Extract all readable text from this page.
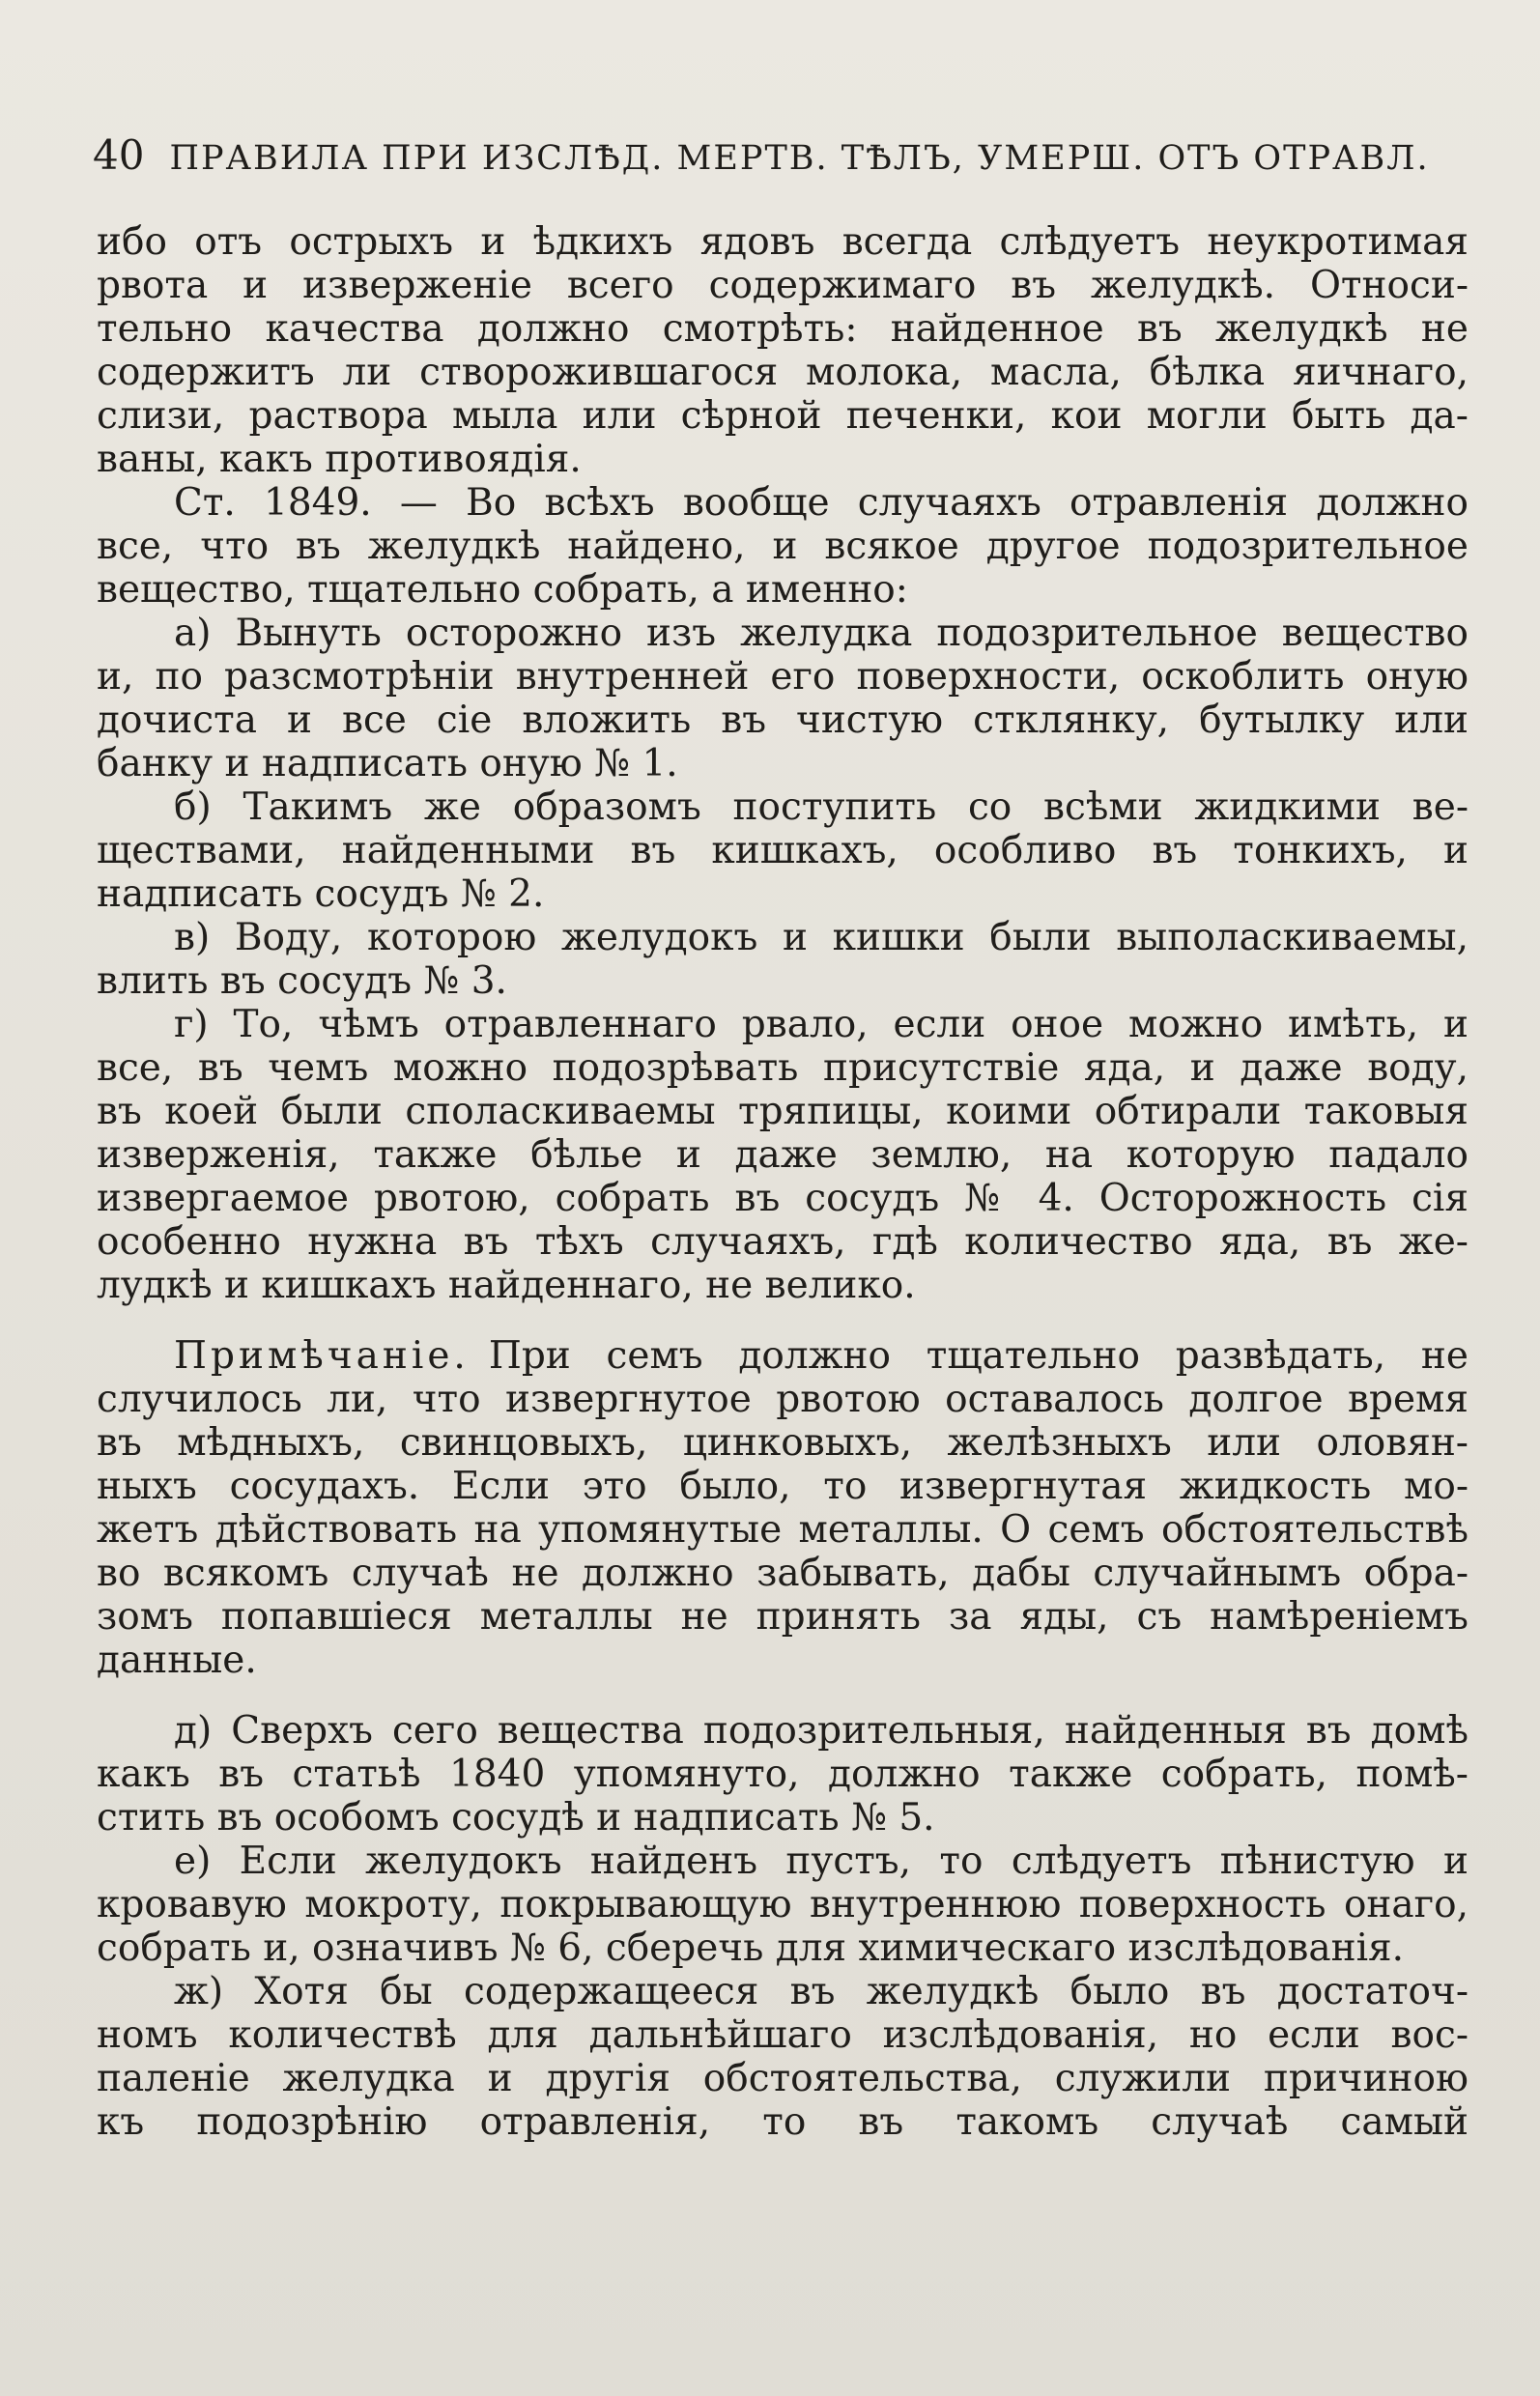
40 ПРАВИЛА ПРИ ИЗСЛѢД. МЕРТВ. ТѢЛЪ, УМЕРШ. ОТЪ ОТРАВЛ.

ибо отъ острыхъ и ѣдкихъ ядовъ всегда слѣдуетъ неукротимая

рвота и изверженіе всего содержимаго въ желудкѣ. Относи-

тельно качества должно смотрѣть: найденное въ желудкѣ не

содержитъ ли створожившагося молока, масла, бѣлка яичнаго,

слизи, раствора мыла или сѣрной печенки, кои могли быть да-

ваны, какъ противоядія.

Ст. 1849. — Во всѣхъ вообще случаяхъ отравленія должно

все, что въ желудкѣ найдено, и всякое другое подозрительное

вещество, тщательно собрать, а именно:

а) Вынуть осторожно изъ желудка подозрительное вещество

и, по разсмотрѣніи внутренней его поверхности, оскоблить оную

дочиста и все сіе вложить въ чистую стклянку, бутылку или

банку и надписать оную № 1.

б) Такимъ же образомъ поступить со всѣми жидкими ве-

ществами, найденными въ кишкахъ, особливо въ тонкихъ, и

надписать сосудъ № 2.

в) Воду, которою желудокъ и кишки были выполаскиваемы,

влить въ сосудъ № 3.

г) То, чѣмъ отравленнаго рвало, если оное можно имѣть, и

все, въ чемъ можно подозрѣвать присутствіе яда, и даже воду,

въ коей были споласкиваемы тряпицы, коими обтирали таковыя

изверженія, также бѣлье и даже землю, на которую падало

извергаемое рвотою, собрать въ сосудъ № 4. Осторожность сія

особенно нужна въ тѣхъ случаяхъ, гдѣ количество яда, въ же-

лудкѣ и кишкахъ найденнаго, не велико.

Примѣчаніе. При семъ должно тщательно развѣдать, не

случилось ли, что извергнутое рвотою оставалось долгое время

въ мѣдныхъ, свинцовыхъ, цинковыхъ, желѣзныхъ или оловян-

ныхъ сосудахъ. Если это было, то извергнутая жидкость мо-

жетъ дѣйствовать на упомянутые металлы. О семъ обстоятельствѣ

во всякомъ случаѣ не должно забывать, дабы случайнымъ обра-

зомъ попавшіеся металлы не принять за яды, съ намѣреніемъ

данные.

д) Сверхъ сего вещества подозрительныя, найденныя въ домѣ

какъ въ статьѣ 1840 упомянуто, должно также собрать, помѣ-

стить въ особомъ сосудѣ и надписать № 5.

е) Если желудокъ найденъ пустъ, то слѣдуетъ пѣнистую и

кровавую мокроту, покрывающую внутреннюю поверхность онаго,

собрать и, означивъ № 6, сберечь для химическаго изслѣдованія.

ж) Хотя бы содержащееся въ желудкѣ было въ достаточ-

номъ количествѣ для дальнѣйшаго изслѣдованія, но если вос-

паленіе желудка и другія обстоятельства, служили причиною

къ подозрѣнію отравленія, то въ такомъ случаѣ самый
